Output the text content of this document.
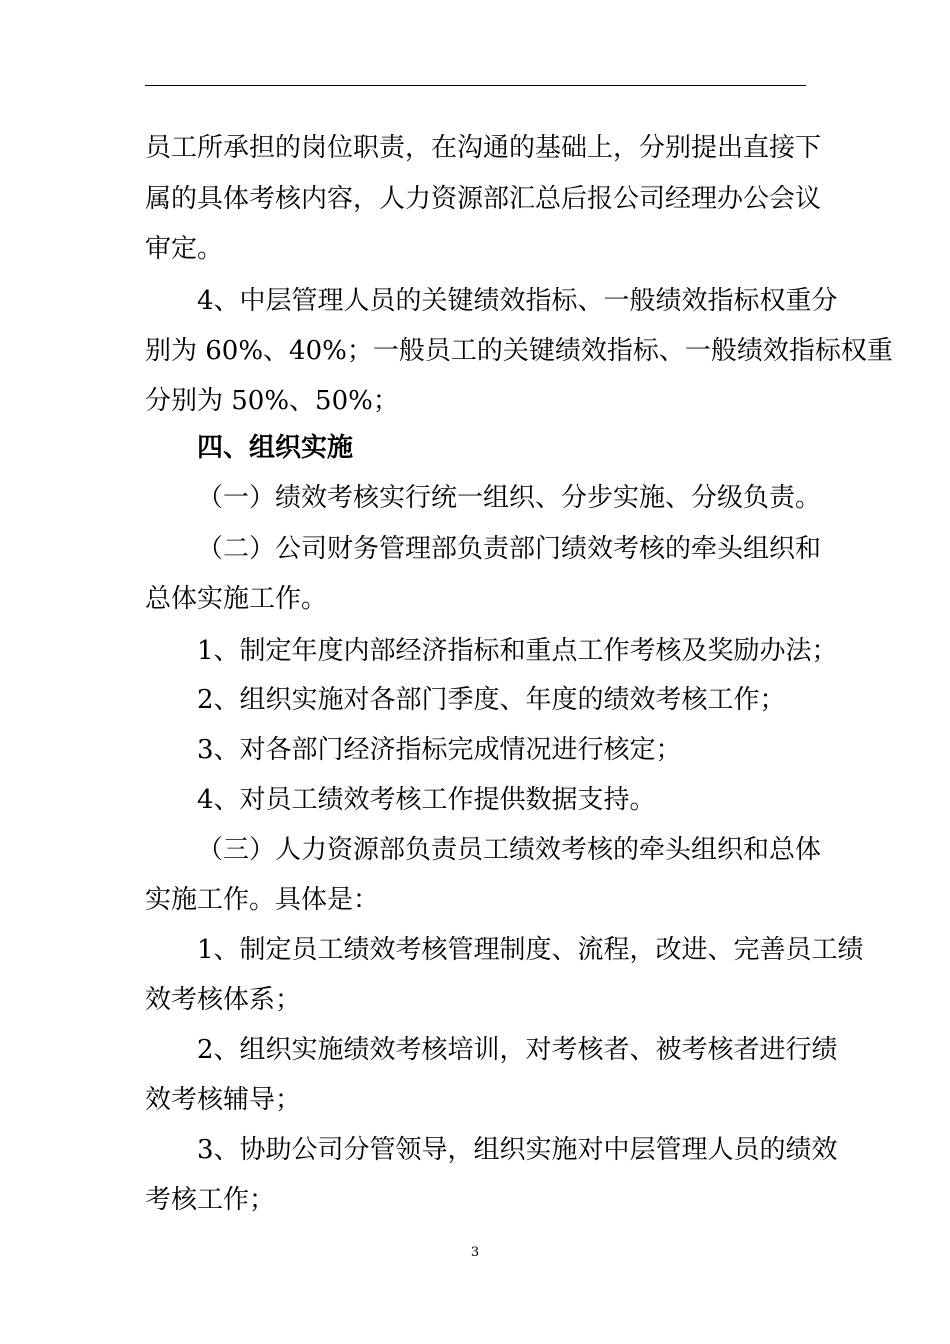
员工所承担的岗位职责，在沟通的基础上，分别提出直接下
属的具体考核内容，人力资源部汇总后报公司经理办公会议
审定。
4、中层管理人员的关键绩效指标、一般绩效指标权重分
别为 60%、40%；一般员工的关键绩效指标、一般绩效指标权重
分别为 50%、50%；
四、组织实施
（一）绩效考核实行统一组织、分步实施、分级负责。
（二）公司财务管理部负责部门绩效考核的牵头组织和
总体实施工作。
1、制定年度内部经济指标和重点工作考核及奖励办法；
2、组织实施对各部门季度、年度的绩效考核工作；
3、对各部门经济指标完成情况进行核定；
4、对员工绩效考核工作提供数据支持。
（三）人力资源部负责员工绩效考核的牵头组织和总体
实施工作。具体是：
1、制定员工绩效考核管理制度、流程，改进、完善员工绩
效考核体系；
2、组织实施绩效考核培训，对考核者、被考核者进行绩
效考核辅导；
3、协助公司分管领导，组织实施对中层管理人员的绩效
考核工作；
3
